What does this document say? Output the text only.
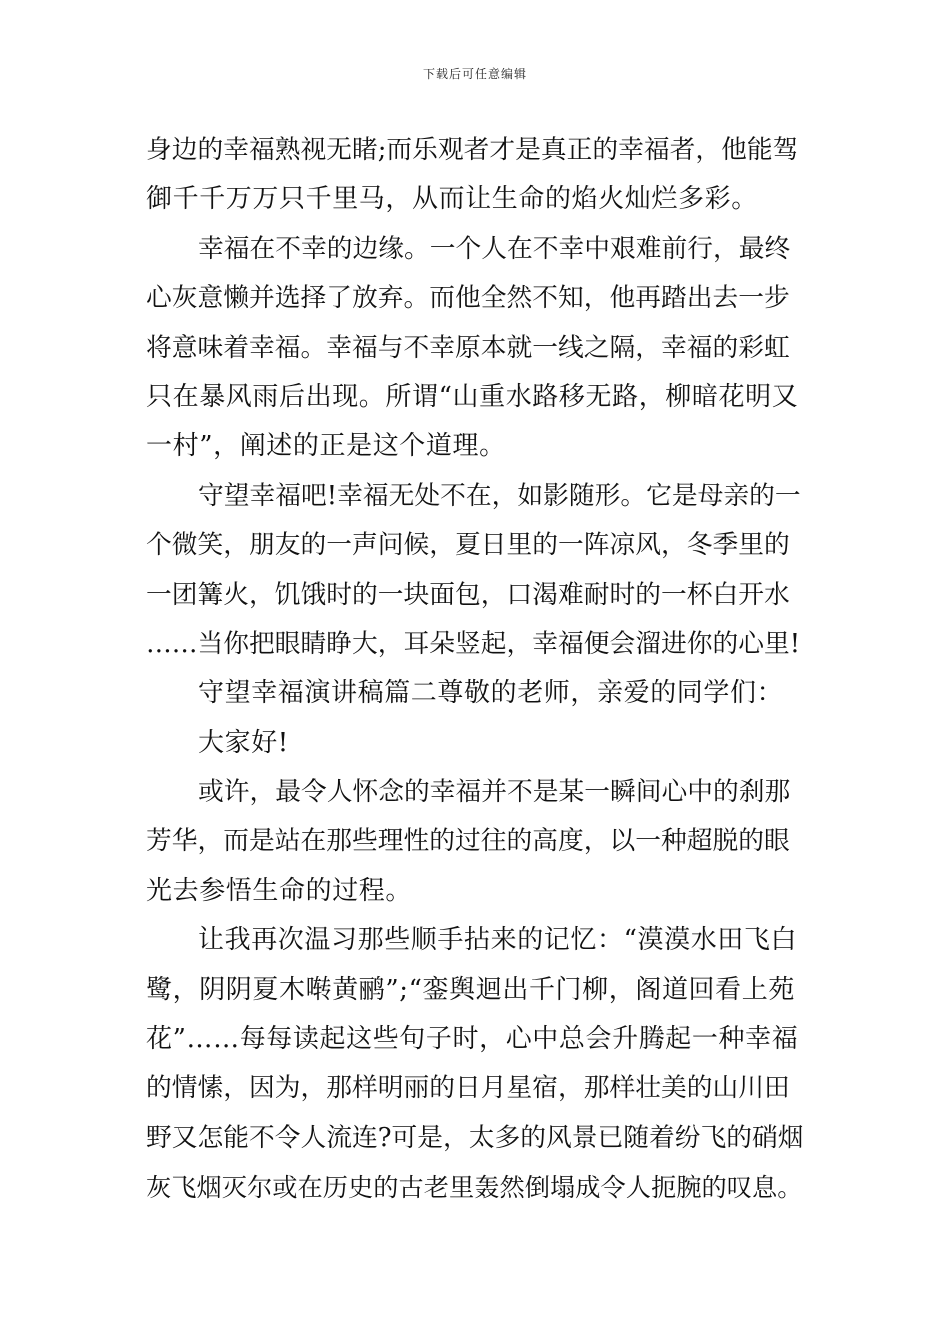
下载后可任意编辑
身边的幸福熟视无睹;而乐观者才是真正的幸福者，他能驾
御千千万万只千里马，从而让生命的焰火灿烂多彩。
幸福在不幸的边缘。一个人在不幸中艰难前行，最终
心灰意懒并选择了放弃。而他全然不知，他再踏出去一步
将意味着幸福。幸福与不幸原本就一线之隔，幸福的彩虹
只在暴风雨后出现。所谓“山重水路移无路，柳暗花明又
一村”，阐述的正是这个道理。
守望幸福吧!幸福无处不在，如影随形。它是母亲的一
个微笑，朋友的一声问候，夏日里的一阵凉风，冬季里的
一团篝火，饥饿时的一块面包，口渴难耐时的一杯白开水
……当你把眼睛睁大，耳朵竖起，幸福便会溜进你的心里!
守望幸福演讲稿篇二尊敬的老师，亲爱的同学们：
大家好!
或许，最令人怀念的幸福并不是某一瞬间心中的刹那
芳华，而是站在那些理性的过往的高度，以一种超脱的眼
光去参悟生命的过程。
让我再次温习那些顺手拈来的记忆：“漠漠水田飞白
鹭，阴阴夏木啭黄鹂”;“銮舆迴出千门柳，阁道回看上苑
花”……每每读起这些句子时，心中总会升腾起一种幸福
的情愫，因为，那样明丽的日月星宿，那样壮美的山川田
野又怎能不令人流连?可是，太多的风景已随着纷飞的硝烟
灰飞烟灭尔或在历史的古老里轰然倒塌成令人扼腕的叹息。
